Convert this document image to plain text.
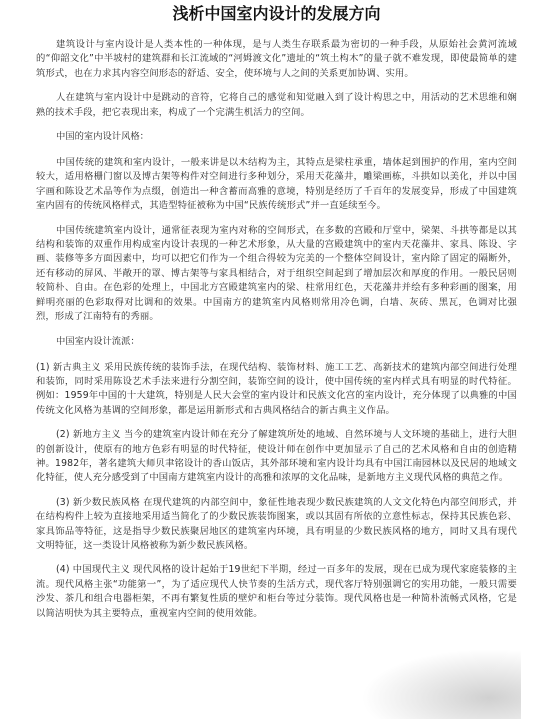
浅析中国室内设计的发展方向

建筑设计与室内设计是人类本性的一种体现，是与人类生存联系最为密切的一种手段，从原始社会黄河流域的“仰韶文化”中半坡村的建筑群和长江流域的“河姆渡文化”遗址的“筑土构木”的量子就不难发现，即使最简单的建筑形式，也在力求其内容空间形态的舒适、安全，使环境与人之间的关系更加协调、实用。

人在建筑与室内设计中是跳动的音符，它将自己的感觉和知觉融入到了设计构思之中，用活动的艺术思维和娴熟的技术手段，把它表现出来，构成了一个完满生机活力的空间。

中国的室内设计风格：

中国传统的建筑和室内设计，一般来讲是以木结构为主，其特点是梁柱承重，墙体起到围护的作用，室内空间较大，适用格栅门窗以及博古架等构件对空间进行多种划分，采用天花藻井，雕梁画栋，斗拱如以美化，并以中国字画和陈设艺术品等作为点缀，创造出一种含蓄而高雅的意境，特别是经历了千百年的发展变异，形成了中国建筑室内固有的传统风格样式，其造型特征被称为中国“民族传统形式”并一直延续至今。

中国传统建筑室内设计，通常征表现为室内对称的空间形式，在多数的宫殿和厅堂中，梁架、斗拱等都是以其结构和装饰的双重作用构成室内设计表现的一种艺术形象，从大量的宫殿建筑中的室内天花藻井、家具、陈设、字画、装修等多方面因素中，均可以把它们作为一个组合得较为完美的一个整体空间设计，室内除了固定的隔断外，还有移动的屏风、半敞开的罩、博古架等与家具相结合，对于组织空间起到了增加层次和厚度的作用。一般民居则较简朴、自由。在色彩的处理上，中国北方宫殿建筑室内的梁、柱常用红色，天花藻井并绘有多种彩画的图案，用鲜明亮丽的色彩取得对比调和的效果。中国南方的建筑室内风格则常用冷色调，白墙、灰砖、黑瓦，色调对比强烈，形成了江南特有的秀丽。

中国室内设计流派：

(1) 新古典主义 采用民族传统的装饰手法，在现代结构、装饰材料、施工工艺、高新技术的建筑内部空间进行处理和装饰，同时采用陈设艺术手法来进行分割空间，装饰空间的设计，使中国传统的室内样式具有明显的时代特征。例如：1959年中国的十大建筑，特别是人民大会堂的室内设计和民族文化宫的室内设计，充分体现了以典雅的中国传统文化风格为基调的空间形象，都是运用新形式和古典风格结合的新古典主义作品。

(2) 新地方主义 当今的建筑室内设计师在充分了解建筑所处的地域、自然环境与人文环境的基础上，进行大胆的创新设计，使原有的地方色彩有明显的时代特征，使设计师在创作中更加显示了自己的艺术风格和自由的创造精神。1982年，著名建筑大师贝聿铭设计的香山饭店，其外部环境和室内设计均具有中国江南园林以及民居的地域文化特征，使人充分感受到了中国南方建筑室内设计的高雅和浓厚的文化品味，是新地方主义现代风格的典范之作。

(3) 新少数民族风格 在现代建筑的内部空间中，象征性地表现少数民族建筑的人文文化特色内部空间形式，并在结构构件上较为直接地采用适当简化了的少数民族装饰图案，或以其固有所依的立意性标志，保持其民族色彩、家具饰品等特征，这是指导少数民族聚居地区的建筑室内环境，具有明显的少数民族风格的地方，同时又具有现代文明特征，这一类设计风格被称为新少数民族风格。

(4) 中国现代主义 现代风格的设计起始于19世纪下半期，经过一百多年的发展，现在已成为现代家庭装修的主流。现代风格主张“功能第一”，为了适应现代人快节奏的生活方式，现代客厅特别强调它的实用功能，一般只需要沙发、茶几和组合电器柜架，不再有繁复性质的壁炉和柜台等过分装饰。现代风格也是一种简朴流畅式风格，它是以简洁明快为其主要特点，重视室内空间的使用效能。
